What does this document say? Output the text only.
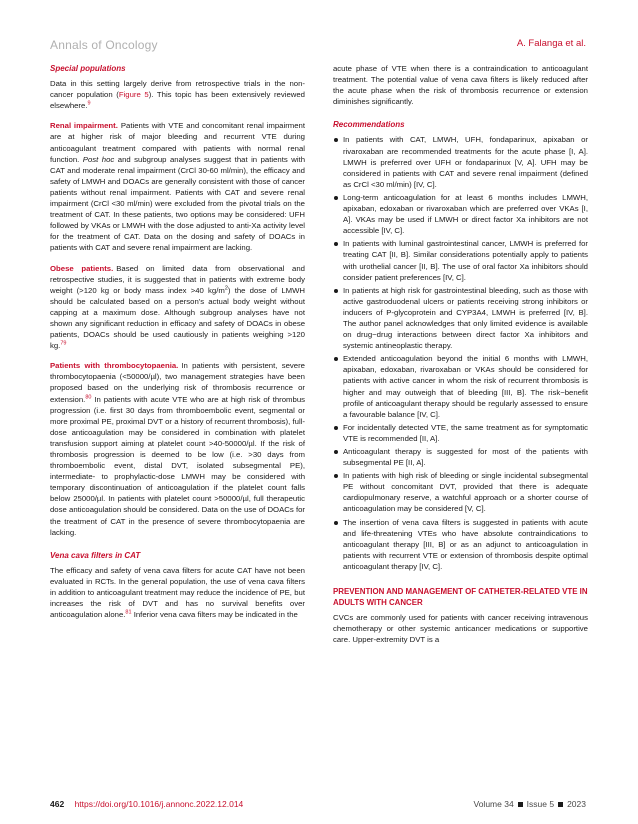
Annals of Oncology	A. Falanga et al.
Special populations

Data in this setting largely derive from retrospective trials in the non-cancer population (Figure 5). This topic has been extensively reviewed elsewhere.$^9$

Renal impairment. Patients with VTE and concomitant renal impairment are at higher risk of major bleeding and recurrent VTE during anticoagulant treatment compared with patients with normal renal function. Post hoc and subgroup analyses suggest that in patients with CAT and moderate renal impairment (CrCl 30-60 ml/min), the efficacy and safety of LMWH and DOACs are generally consistent with those of cancer patients without renal impairment. Patients with CAT and severe renal impairment (CrCl <30 ml/min) were excluded from the pivotal trials on the treatment of CAT. In these patients, two options may be considered: UFH followed by VKAs or LMWH with the dose adjusted to anti-Xa activity level for the treatment of CAT. Data on the dosing and safety of DOACs in patients with CAT and severe renal impairment are lacking.

Obese patients. Based on limited data from observational and retrospective studies, it is suggested that in patients with extreme body weight (>120 kg or body mass index >40 $kg/m^2$) the dose of LMWH should be calculated based on a person's actual body weight without capping at a maximum dose. Although subgroup analyses have not shown any significant reduction in efficacy and safety of DOACs in obese patients, DOACs should be used cautiously in patients weighing >120 kg.$^{79}$

Patients with thrombocytopaenia. In patients with persistent, severe thrombocytopaenia (<50000/µl), two management strategies have been proposed based on the underlying risk of thrombosis recurrence or extension.$^{80}$ In patients with acute VTE who are at high risk of thrombus progression (i.e. first 30 days from thromboembolic event, segmental or more proximal PE, proximal DVT or a history of recurrent thrombosis), full-dose anticoagulation may be considered in combination with platelet transfusion support aiming at platelet count >40-50000/µl. If the risk of thrombosis progression is deemed to be low (i.e. >30 days from thromboembolic event, distal DVT, isolated subsegmental PE), intermediate- to prophylactic-dose LMWH may be considered with temporary discontinuation of anticoagulation if the platelet count falls below 25000/µl. In patients with platelet count >50000/µl, full therapeutic dose anticoagulation should be considered. Data on the use of DOACs for the treatment of CAT in the presence of severe thrombocytopaenia are lacking.

Vena cava filters in CAT

The efficacy and safety of vena cava filters for acute CAT have not been evaluated in RCTs. In the general population, the use of vena cava filters in addition to anticoagulant treatment may reduce the incidence of PE, but increases the risk of DVT and has no survival benefits over anticoagulation alone.$^{81}$ Inferior vena cava filters may be indicated in the

acute phase of VTE when there is a contraindication to anticoagulant treatment. The potential value of vena cava filters is likely reduced after the acute phase when the risk of thrombosis recurrence or extension diminishes significantly.

Recommendations
In patients with CAT, LMWH, UFH, fondaparinux, apixaban or rivaroxaban are recommended treatments for the acute phase [I, A]. LMWH is preferred over UFH or fondaparinux [V, A]. UFH may be considered in patients with CAT and severe renal impairment (defined as CrCl <30 ml/min) [IV, C].
Long-term anticoagulation for at least 6 months includes LMWH, apixaban, edoxaban or rivaroxaban which are preferred over VKAs [I, A]. VKAs may be used if LMWH or direct factor Xa inhibitors are not accessible [IV, C].
In patients with luminal gastrointestinal cancer, LMWH is preferred for treating CAT [II, B]. Similar considerations potentially apply to patients with urothelial cancer [II, B]. The use of oral factor Xa inhibitors should consider patient preferences [IV, C].
In patients at high risk for gastrointestinal bleeding, such as those with active gastroduodenal ulcers or patients receiving strong inhibitors or inducers of P-glycoprotein and CYP3A4, LMWH is preferred [IV, B]. The author panel acknowledges that only limited evidence is available on drug−drug interactions between direct factor Xa inhibitors and systemic antineoplastic therapy.
Extended anticoagulation beyond the initial 6 months with LMWH, apixaban, edoxaban, rivaroxaban or VKAs should be considered for patients with active cancer in whom the risk of recurrent thrombosis is higher and may outweigh that of bleeding [III, B]. The risk−benefit profile of anticoagulant therapy should be regularly assessed to ensure a favourable balance [IV, C].
For incidentally detected VTE, the same treatment as for symptomatic VTE is recommended [II, A].
Anticoagulant therapy is suggested for most of the patients with subsegmental PE [II, A].
In patients with high risk of bleeding or single incidental subsegmental PE without concomitant DVT, provided that there is adequate cardiopulmonary reserve, a watchful approach or a shorter course of anticoagulation may be considered [V, C].
The insertion of vena cava filters is suggested in patients with acute and life-threatening VTEs who have absolute contraindications to anticoagulant therapy [III, B] or as an adjunct to anticoagulation in patients with recurrent VTE or extension of thrombosis despite optimal anticoagulant therapy [IV, C].
PREVENTION AND MANAGEMENT OF CATHETER-RELATED VTE IN ADULTS WITH CANCER

CVCs are commonly used for patients with cancer receiving intravenous chemotherapy or other systemic anticancer medications or supportive care. Upper-extremity DVT is a

462 https://doi.org/10.1016/j.annonc.2022.12.014	Volume 34 Issue 5 2023
